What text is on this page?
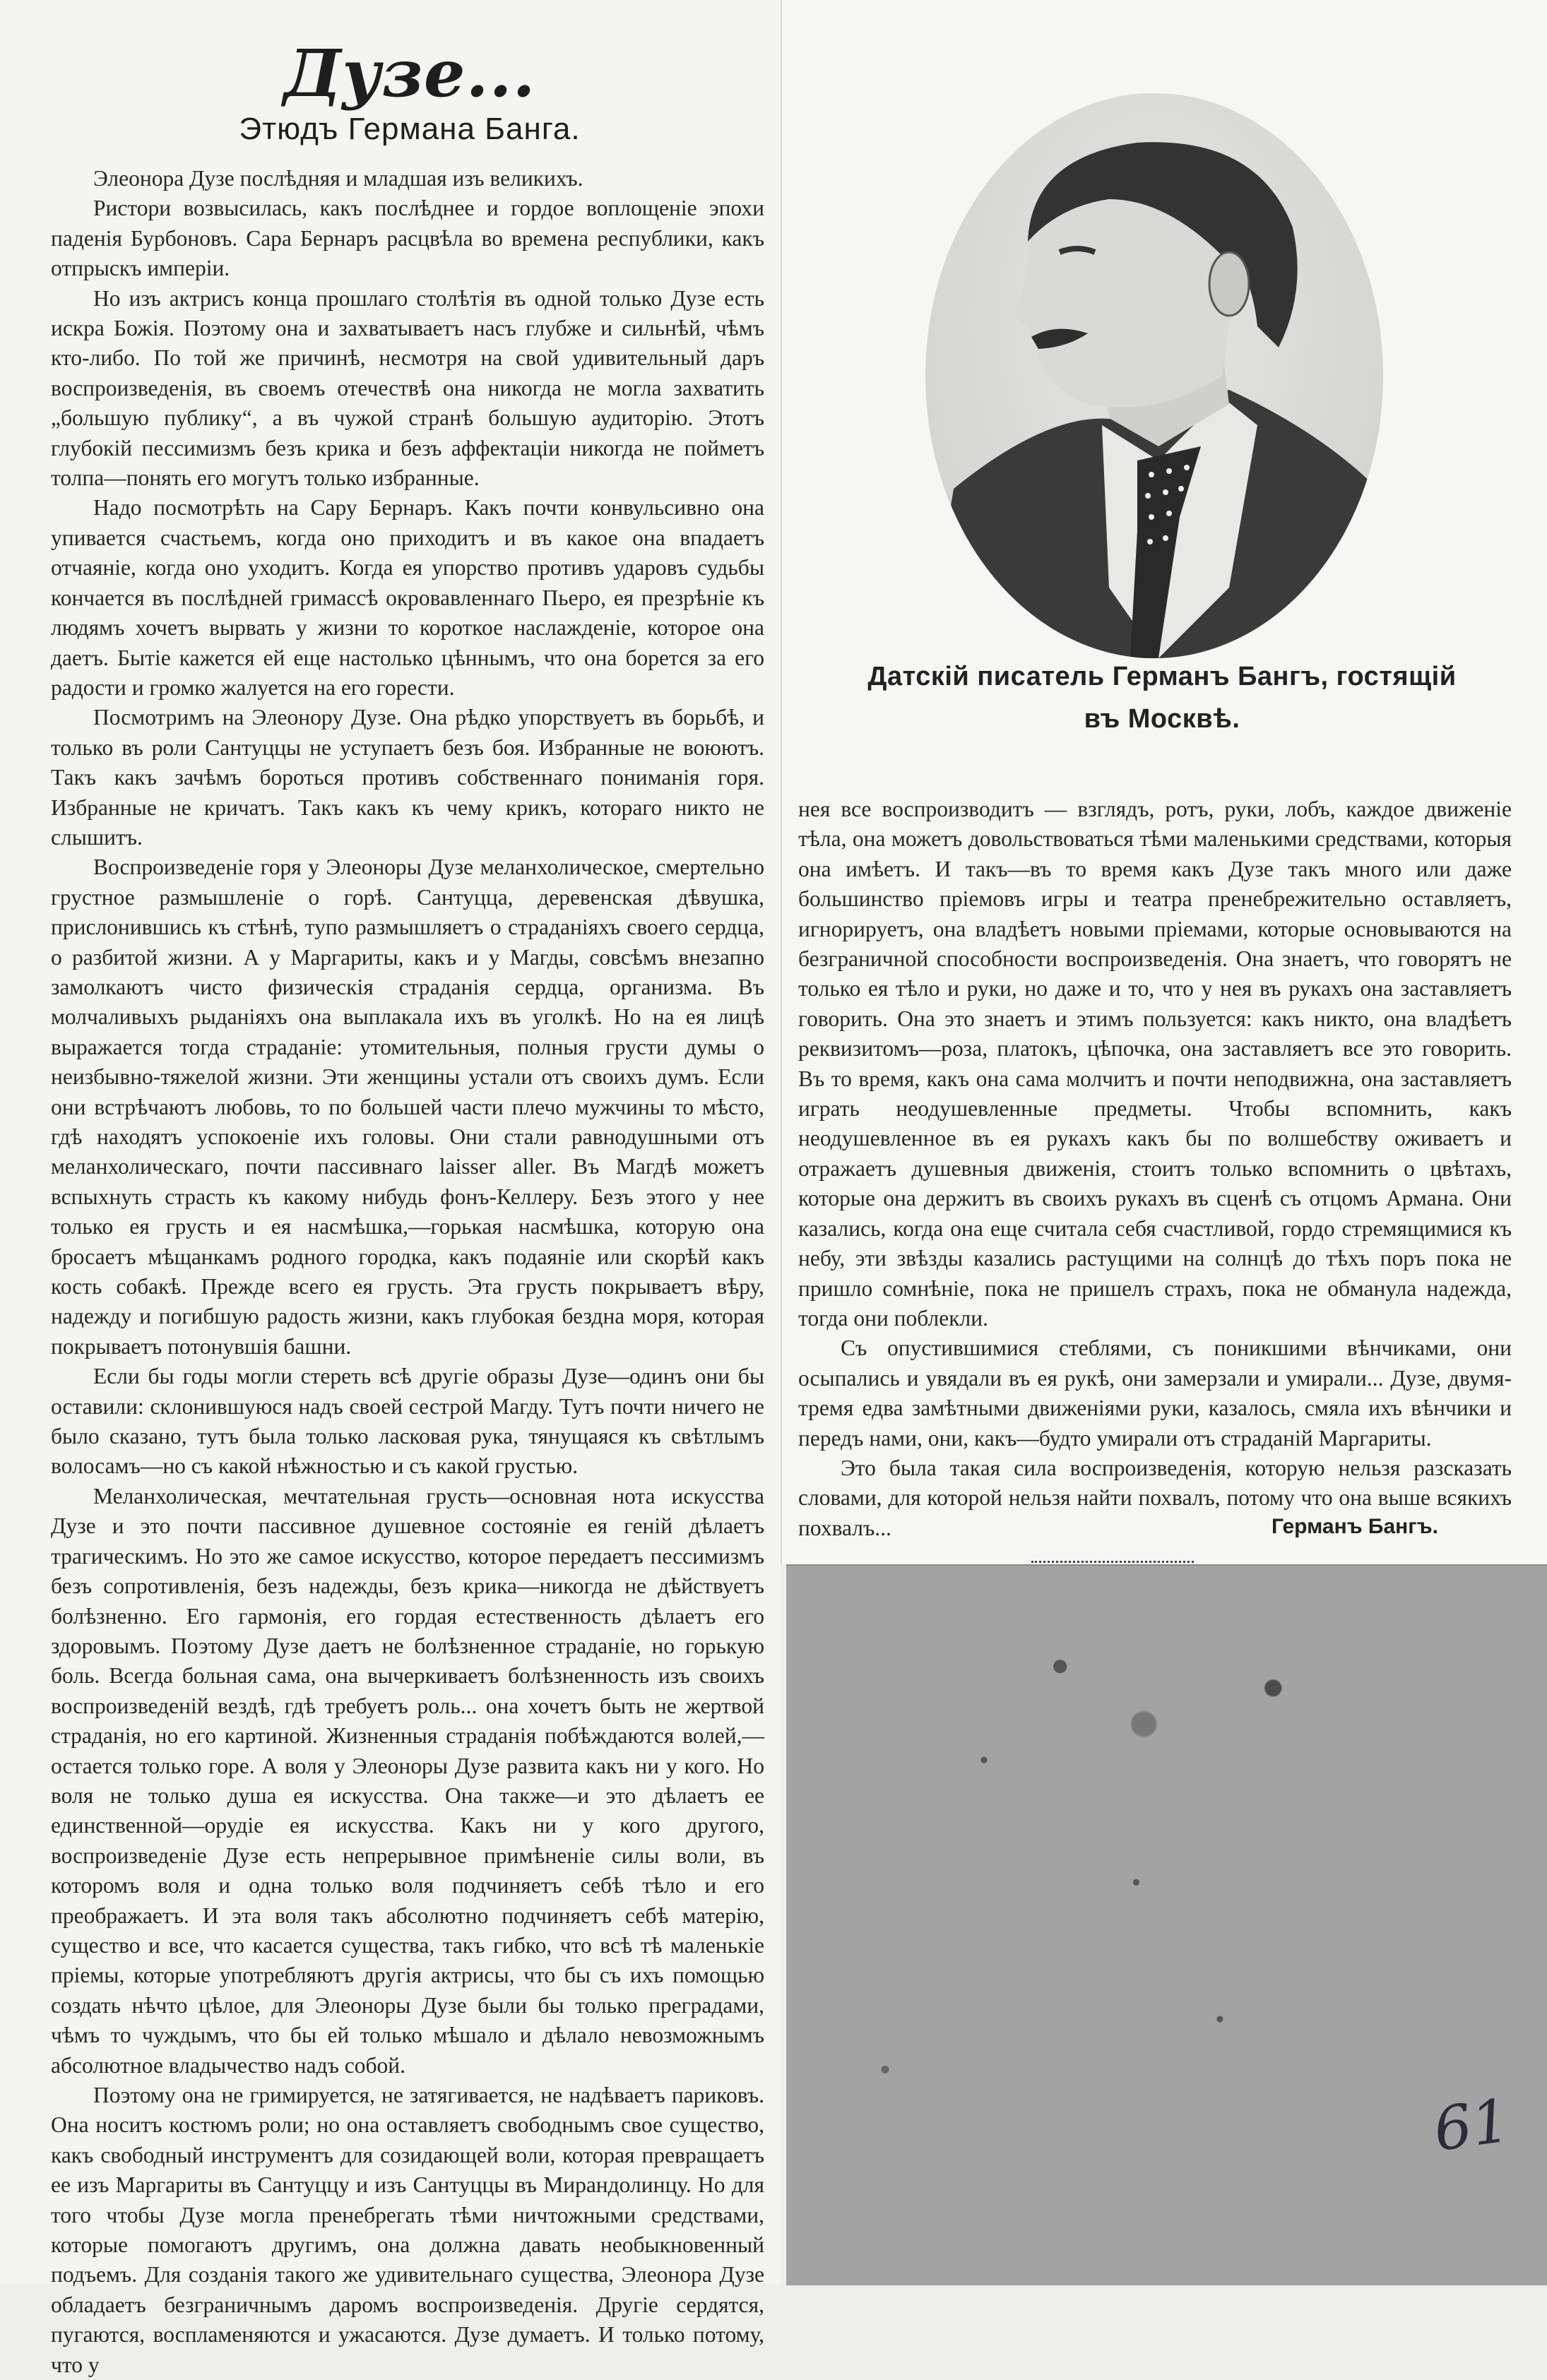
Дузе...
Этюдъ Германа Банга.

Элеонора Дузе послѣдняя и младшая изъ великихъ.

Ристори возвысилась, какъ послѣднее и гордое воплощеніе эпохи паденія Бурбоновъ. Сара Бернаръ расцвѣла во времена республики, какъ отпрыскъ имперіи.

Но изъ актрисъ конца прошлаго столѣтія въ одной только Дузе есть искра Божія. Поэтому она и захватываетъ насъ глубже и сильнѣй, чѣмъ кто-либо. По той же причинѣ, несмотря на свой удивительный даръ воспроизведенія, въ своемъ отечествѣ она никогда не могла захватить „большую публику“, а въ чужой странѣ большую аудиторію. Этотъ глубокій пессимизмъ безъ крика и безъ аффектаціи никогда не пойметъ толпа—понять его могутъ только избранные.

Надо посмотрѣть на Сару Бернаръ. Какъ почти конвульсивно она упивается счастьемъ, когда оно приходитъ и въ какое она впадаетъ отчаяніе, когда оно уходитъ. Когда ея упорство противъ ударовъ судьбы кончается въ послѣдней гримассѣ окровавленнаго Пьеро, ея презрѣніе къ людямъ хочетъ вырвать у жизни то короткое наслажденіе, которое она даетъ. Бытіе кажется ей еще настолько цѣннымъ, что она борется за его радости и громко жалуется на его горести.

Посмотримъ на Элеонору Дузе. Она рѣдко упорствуетъ въ борьбѣ, и только въ роли Сантуццы не уступаетъ безъ боя. Избранные не воюютъ. Такъ какъ зачѣмъ бороться противъ собственнаго пониманія горя. Избранные не кричатъ. Такъ какъ къ чему крикъ, котораго никто не слышитъ.

Воспроизведеніе горя у Элеоноры Дузе меланхолическое, смертельно грустное размышленіе о горѣ. Сантуцца, деревенская дѣвушка, прислонившись къ стѣнѣ, тупо размышляетъ о страданіяхъ своего сердца, о разбитой жизни. А у Маргариты, какъ и у Магды, совсѣмъ внезапно замолкаютъ чисто физическія страданія сердца, организма. Въ молчаливыхъ рыданіяхъ она выплакала ихъ въ уголкѣ. Но на ея лицѣ выражается тогда страданіе: утомительныя, полныя грусти думы о неизбывно-тяжелой жизни. Эти женщины устали отъ своихъ думъ. Если они встрѣчаютъ любовь, то по большей части плечо мужчины то мѣсто, гдѣ находятъ успокоеніе ихъ головы. Они стали равнодушными отъ меланхолическаго, почти пассивнаго laisser aller. Въ Магдѣ можетъ вспыхнуть страсть къ какому нибудь фонъ-Келлеру. Безъ этого у нее только ея грусть и ея насмѣшка,—горькая насмѣшка, которую она бросаетъ мѣщанкамъ родного городка, какъ подаяніе или скорѣй какъ кость собакѣ. Прежде всего ея грусть. Эта грусть покрываетъ вѣру, надежду и погибшую радость жизни, какъ глубокая бездна моря, которая покрываетъ потонувшія башни.

Если бы годы могли стереть всѣ другіе образы Дузе—одинъ они бы оставили: склонившуюся надъ своей сестрой Магду. Тутъ почти ничего не было сказано, тутъ была только ласковая рука, тянущаяся къ свѣтлымъ волосамъ—но съ какой нѣжностью и съ какой грустью.

Меланхолическая, мечтательная грусть—основная нота искусства Дузе и это почти пассивное душевное состояніе ея геній дѣлаетъ трагическимъ. Но это же самое искусство, которое передаетъ пессимизмъ безъ сопротивленія, безъ надежды, безъ крика—никогда не дѣйствуетъ болѣзненно. Его гармонія, его гордая естественность дѣлаетъ его здоровымъ. Поэтому Дузе даетъ не болѣзненное страданіе, но горькую боль. Всегда больная сама, она вычеркиваетъ болѣзненность изъ своихъ воспроизведеній вездѣ, гдѣ требуетъ роль... она хочетъ быть не жертвой страданія, но его картиной. Жизненныя страданія побѣждаются волей,—остается только горе. А воля у Элеоноры Дузе развита какъ ни у кого. Но воля не только душа ея искусства. Она также—и это дѣлаетъ ее единственной—орудіе ея искусства. Какъ ни у кого другого, воспроизведеніе Дузе есть непрерывное примѣненіе силы воли, въ которомъ воля и одна только воля подчиняетъ себѣ тѣло и его преображаетъ. И эта воля такъ абсолютно подчиняетъ себѣ матерію, существо и все, что касается существа, такъ гибко, что всѣ тѣ маленькіе пріемы, которые употребляютъ другія актрисы, что бы съ ихъ помощью создать нѣчто цѣлое, для Элеоноры Дузе были бы только преградами, чѣмъ то чуждымъ, что бы ей только мѣшало и дѣлало невозможнымъ абсолютное владычество надъ собой.

Поэтому она не гримируется, не затягивается, не надѣваетъ париковъ. Она носитъ костюмъ роли; но она оставляетъ свободнымъ свое существо, какъ свободный инструментъ для созидающей воли, которая превращаетъ ее изъ Маргариты въ Сантуццу и изъ Сантуццы въ Мирандолинцу. Но для того чтобы Дузе могла пренебрегать тѣми ничтожными средствами, которые помогаютъ другимъ, она должна давать необыкновенный подъемъ. Для созданія такого же удивительнаго существа, Элеонора Дузе обладаетъ безграничнымъ даромъ воспроизведенія. Другіе сердятся, пугаются, воспламеняются и ужасаются. Дузе думаетъ. И только потому, что у

Датскій писатель Германъ Бангъ, гостящій
въ Москвѣ.

нея все воспроизводитъ — взглядъ, ротъ, руки, лобъ, каждое движеніе тѣла, она можетъ довольствоваться тѣми маленькими средствами, которыя она имѣетъ. И такъ—въ то время какъ Дузе такъ много или даже большинство пріемовъ игры и театра пренебрежительно оставляетъ, игнорируетъ, она владѣетъ новыми пріемами, которые основываются на безграничной способности воспроизведенія. Она знаетъ, что говорятъ не только ея тѣло и руки, но даже и то, что у нея въ рукахъ она заставляетъ говорить. Она это знаетъ и этимъ пользуется: какъ никто, она владѣетъ реквизитомъ—роза, платокъ, цѣпочка, она заставляетъ все это говорить. Въ то время, какъ она сама молчитъ и почти неподвижна, она заставляетъ играть неодушевленные предметы. Чтобы вспомнить, какъ неодушевленное въ ея рукахъ какъ бы по волшебству оживаетъ и отражаетъ душевныя движенія, стоитъ только вспомнить о цвѣтахъ, которые она держитъ въ своихъ рукахъ въ сценѣ съ отцомъ Армана. Они казались, когда она еще считала себя счастливой, гордо стремящимися къ небу, эти звѣзды казались растущими на солнцѣ до тѣхъ поръ пока не пришло сомнѣніе, пока не пришелъ страхъ, пока не обманула надежда, тогда они поблекли.

Съ опустившимися стеблями, съ поникшими вѣнчиками, они осыпались и увядали въ ея рукѣ, они замерзали и умирали... Дузе, двумя-тремя едва замѣтными движеніями руки, казалось, смяла ихъ вѣнчики и передъ нами, они, какъ—будто умирали отъ страданій Маргариты.

Это была такая сила воспроизведенія, которую нельзя разсказать словами, для которой нельзя найти похвалъ, потому что она выше всякихъ похвалъ...	Германъ Бангъ.
61
